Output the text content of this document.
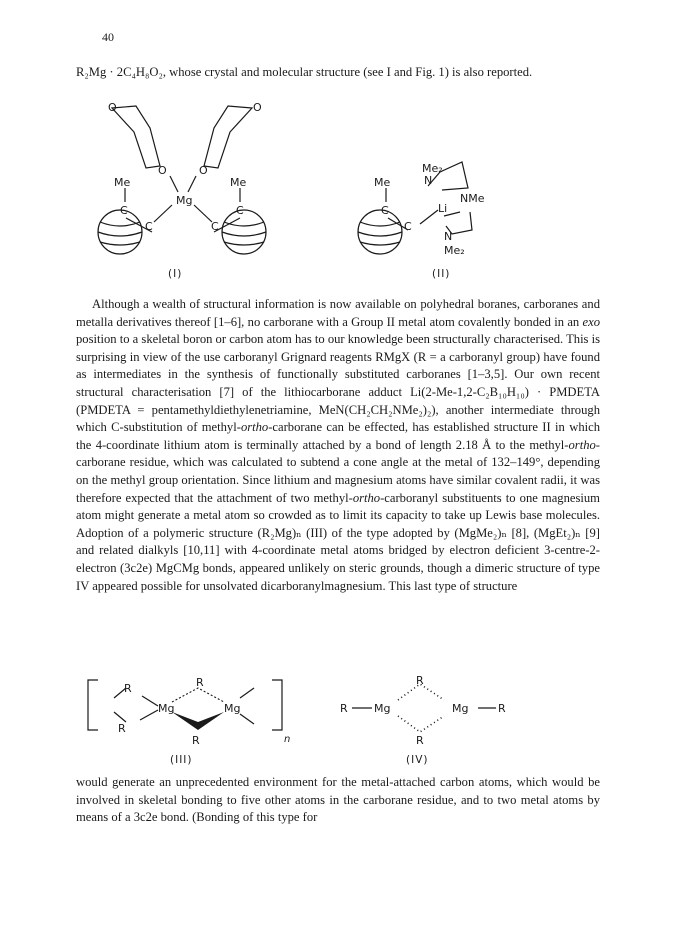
40
R₂Mg · 2C₄H₈O₂, whose crystal and molecular structure (see I and Fig. 1) is also reported.
O	O
O	O
Mg
Me	Me
C
C
C
C
(I)
Me
C
C
Li
Me₂
N
NMe
N
Me₂
(II)
Although a wealth of structural information is now available on polyhedral boranes, carboranes and metalla derivatives thereof [1–6], no carborane with a Group II metal atom covalently bonded in an exo position to a skeletal boron or carbon atom has to our knowledge been structurally characterised. This is surprising in view of the use carboranyl Grignard reagents RMgX (R = a carboranyl group) have found as intermediates in the synthesis of functionally substituted carboranes [1–3,5]. Our own recent structural characterisation [7] of the lithiocarborane adduct Li(2-Me-1,2-C₂B₁₀H₁₀) · PMDETA (PMDETA = pentamethyldiethylenetriamine, MeN(CH₂CH₂NMe₂)₂), another intermediate through which C-substitution of methyl-ortho-carborane can be effected, has established structure II in which the 4-coordinate lithium atom is terminally attached by a bond of length 2.18 Å to the methyl-ortho-carborane residue, which was calculated to subtend a cone angle at the metal of 132–149°, depending on the methyl group orientation. Since lithium and magnesium atoms have similar covalent radii, it was therefore expected that the attachment of two methyl-ortho-carboranyl substituents to one magnesium atom might generate a metal atom so crowded as to limit its capacity to take up Lewis base molecules. Adoption of a polymeric structure (R₂Mg)ₙ (III) of the type adopted by (MgMe₂)ₙ [8], (MgEt₂)ₙ [9] and related dialkyls [10,11] with 4-coordinate metal atoms bridged by electron deficient 3-centre-2-electron (3c2e) MgCMg bonds, appeared unlikely on steric grounds, though a dimeric structure of type IV appeared possible for unsolvated dicarboranylmagnesium. This last type of structure
R	R
R
R
Mg	Mg
n
(III)
R Mg
R
R
Mg	R
(IV)
would generate an unprecedented environment for the metal-attached carbon atoms, which would be involved in skeletal bonding to five other atoms in the carborane residue, and to two metal atoms by means of a 3c2e bond. (Bonding of this type for
